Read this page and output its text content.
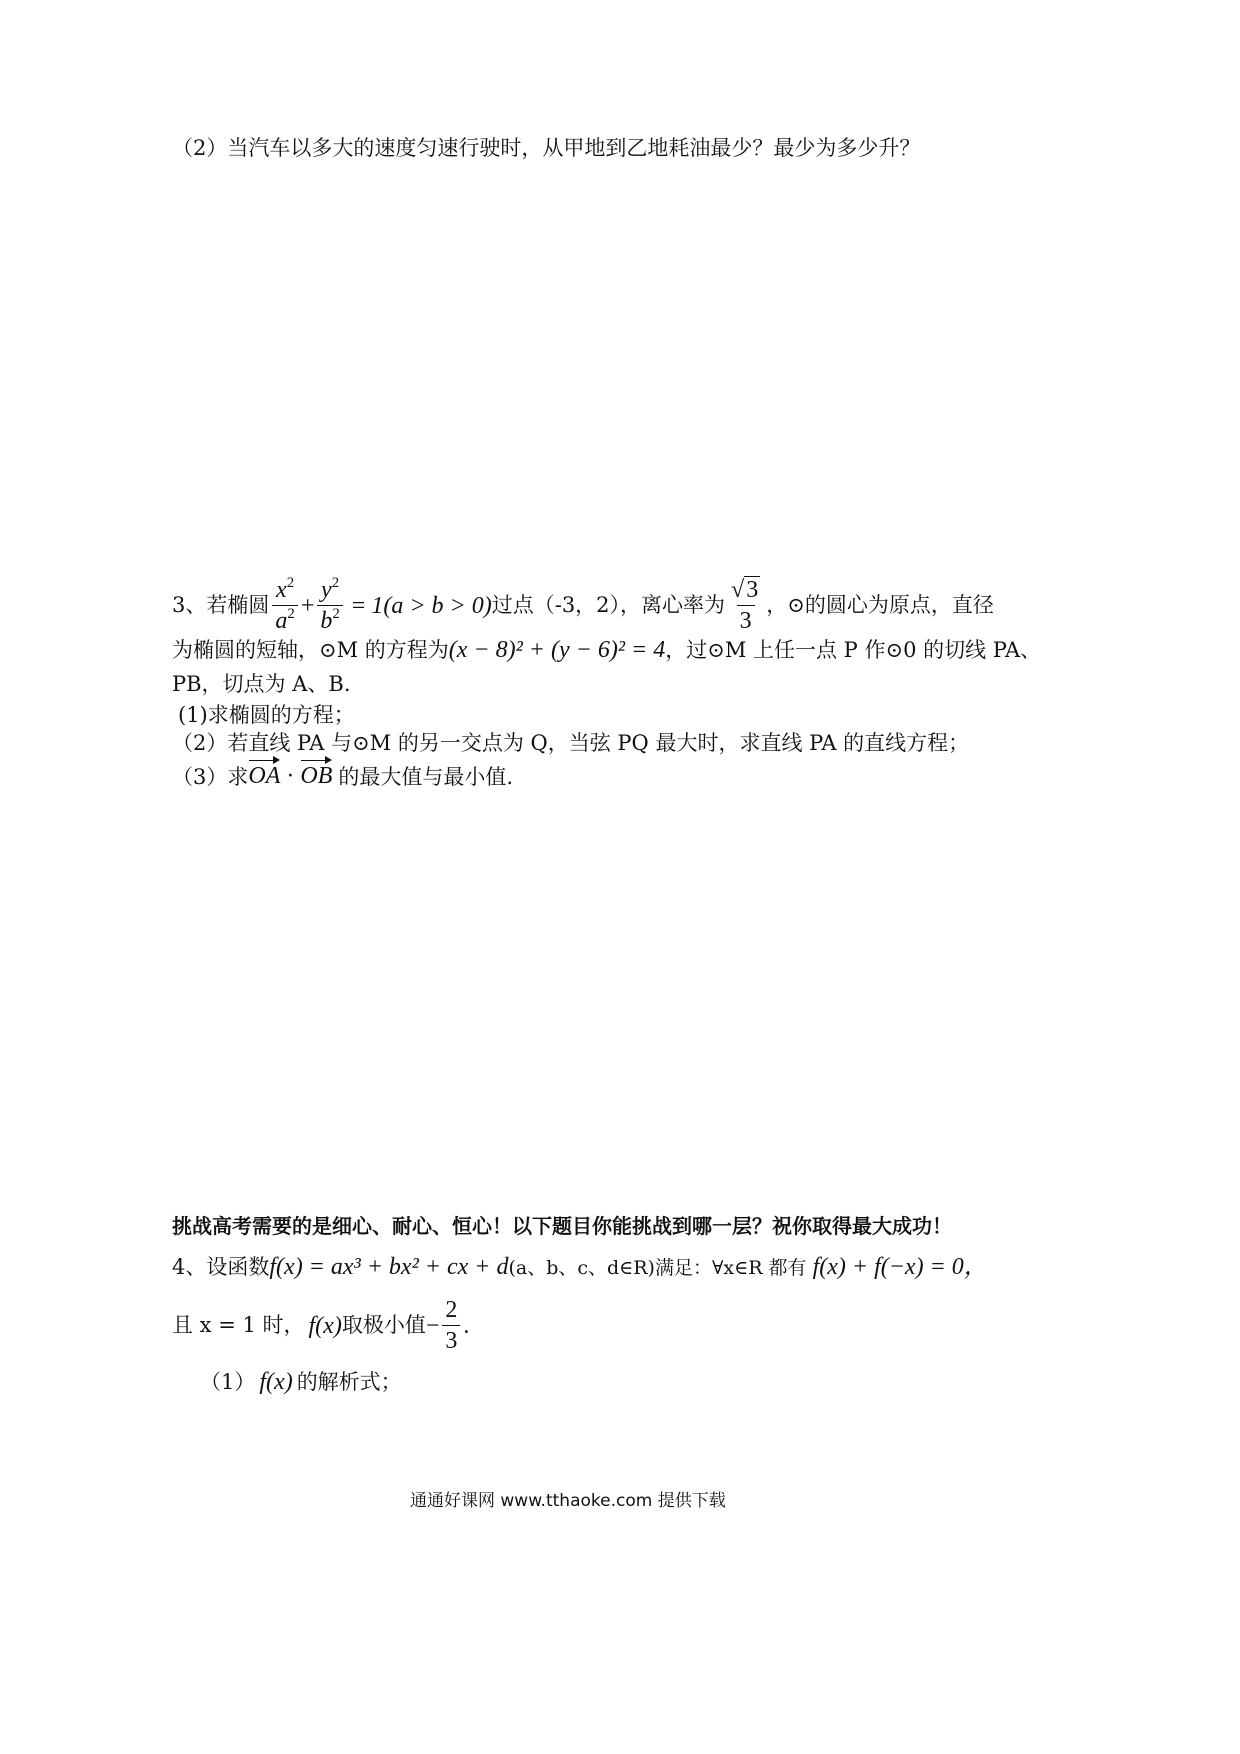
（2）当汽车以多大的速度匀速行驶时，从甲地到乙地耗油最少？最少为多少升？
3、若椭圆 $\frac{x^2}{a^2} + \frac{y^2}{b^2} = 1(a > b > 0)$ 过点（-3，2），离心率为 $\frac{√3}{3}$ ，⊙的圆心为原点，直径
为椭圆的短轴，⊙M 的方程为 (x − 8)² + (y − 6)² = 4 ，过⊙M 上任一点 P 作⊙0 的切线 PA、
PB，切点为 A、B.
(1)求椭圆的方程；
（2）若直线 PA 与⊙M 的另一交点为 Q，当弦 PQ 最大时，求直线 PA 的直线方程；
（3）求 OA · OB 的最大值与最小值.
挑战高考需要的是细心、耐心、恒心！以下题目你能挑战到哪一层？祝你取得最大成功！
4、设函数 f(x) = ax³ + bx² + cx + d (a、b、c、d∈R)满足：∀x∈R 都有 f(x) + f(−x) = 0，
且 x = 1 时， f(x) 取极小值 − $\frac{2}{3}$ .
（1） f(x) 的解析式；
通通好课网 www.tthaoke.com 提供下载
